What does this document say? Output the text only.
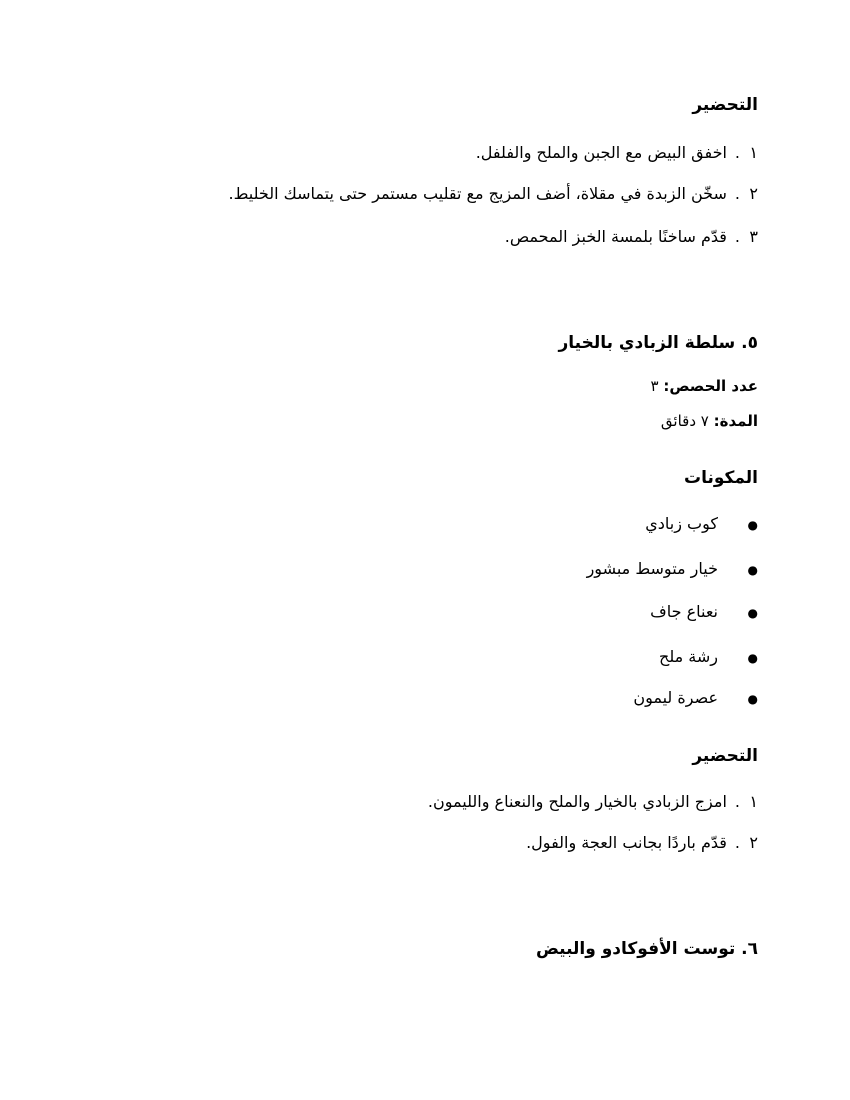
التحضير
١.اخفق البيض مع الجبن والملح والفلفل.
٢.سخّن الزبدة في مقلاة، أضف المزيج مع تقليب مستمر حتى يتماسك الخليط.
٣.قدّم ساخنًا بلمسة الخبز المحمص.
٥. سلطة الزبادي بالخيار
عدد الحصص: ٣
المدة: ٧ دقائق
المكونات
●كوب زبادي
●خيار متوسط مبشور
●نعناع جاف
●رشة ملح
●عصرة ليمون
التحضير
١.امزج الزبادي بالخيار والملح والنعناع والليمون.
٢.قدّم باردًا بجانب العجة والفول.
٦. توست الأفوكادو والبيض
